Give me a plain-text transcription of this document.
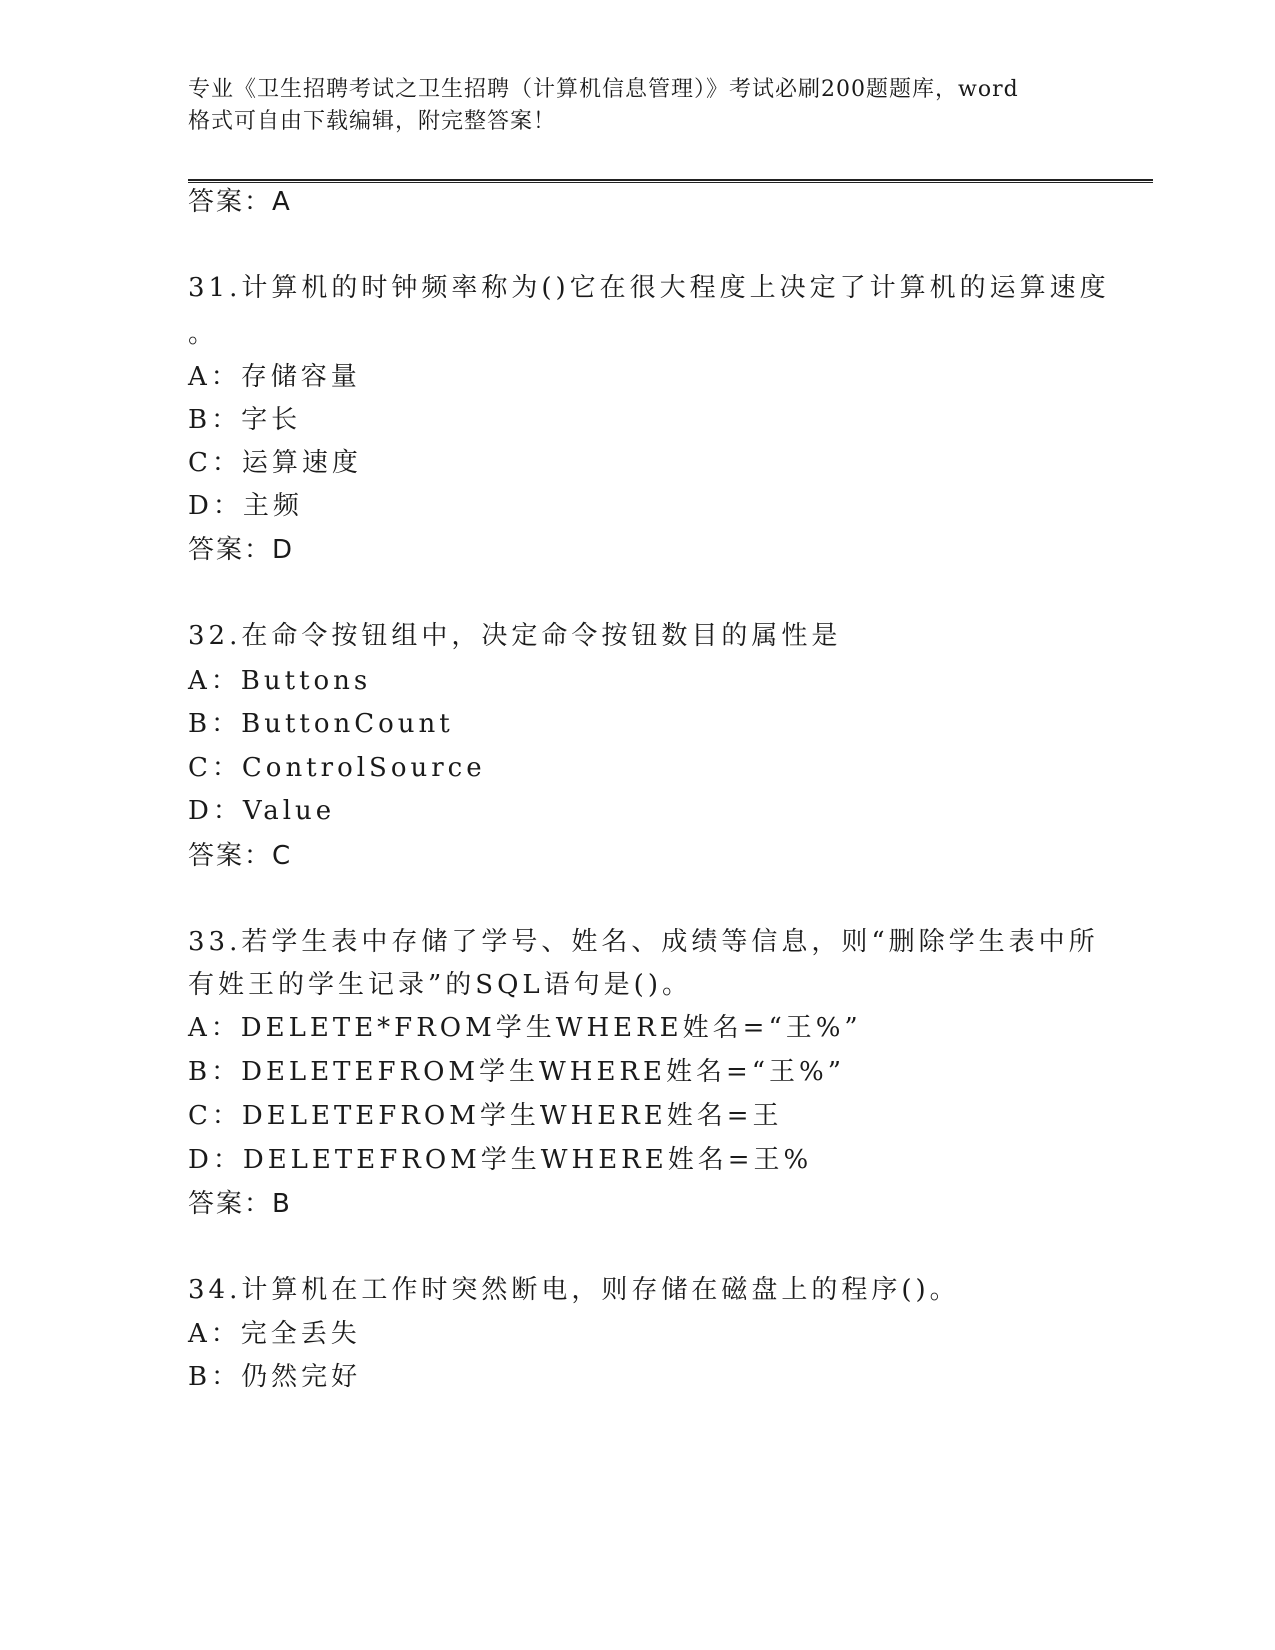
专业《卫生招聘考试之卫生招聘（计算机信息管理）》考试必刷200题题库，word
格式可自由下载编辑，附完整答案！
答案：A
31.计算机的时钟频率称为()它在很大程度上决定了计算机的运算速度
。
A：存储容量
B：字长
C：运算速度
D：主频
答案：D
32.在命令按钮组中，决定命令按钮数目的属性是
A：Buttons
B：ButtonCount
C：ControlSource
D：Value
答案：C
33.若学生表中存储了学号、姓名、成绩等信息，则“删除学生表中所
有姓王的学生记录”的SQL语句是()。
A：DELETE*FROM学生WHERE姓名=“王%”
B：DELETEFROM学生WHERE姓名=“王%”
C：DELETEFROM学生WHERE姓名=王
D：DELETEFROM学生WHERE姓名=王%
答案：B
34.计算机在工作时突然断电，则存储在磁盘上的程序()。
A：完全丢失
B：仍然完好
